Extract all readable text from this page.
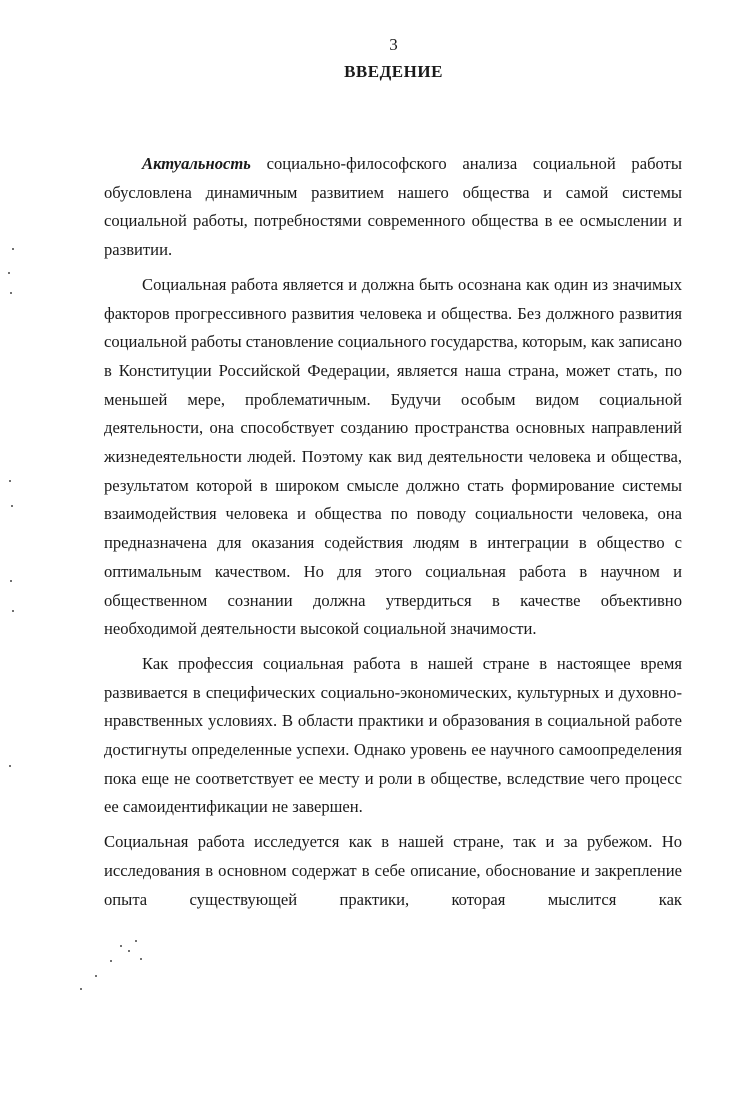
3
ВВЕДЕНИЕ

Актуальность социально-философского анализа социальной работы обусловлена динамичным развитием нашего общества и самой системы социальной работы, потребностями современного общества в ее осмыслении и развитии.

Социальная работа является и должна быть осознана как один из значимых факторов прогрессивного развития человека и общества. Без должного развития социальной работы становление социального государства, которым, как записано в Конституции Российской Федерации, является наша страна, может стать, по меньшей мере, проблематичным. Будучи особым видом социальной деятельности, она способствует созданию пространства основных направлений жизнедеятельности людей. Поэтому как вид деятельности человека и общества, результатом которой в широком смысле должно стать формирование системы взаимодействия человека и общества по поводу социальности человека, она предназначена для оказания содействия людям в интеграции в общество с оптимальным качеством. Но для этого социальная работа в научном и общественном сознании должна утвердиться в качестве объективно необходимой деятельности высокой социальной значимости.

Как профессия социальная работа в нашей стране в настоящее время развивается в специфических социально-экономических, культурных и духовно-нравственных условиях. В области практики и образования в социальной работе достигнуты определенные успехи. Однако уровень ее научного самоопределения пока еще не соответствует ее месту и роли в обществе, вследствие чего процесс ее самоидентификации не завершен.

Социальная работа исследуется как в нашей стране, так и за рубежом. Но исследования в основном содержат в себе описание, обоснование и закрепление опыта существующей практики, которая мыслится как
